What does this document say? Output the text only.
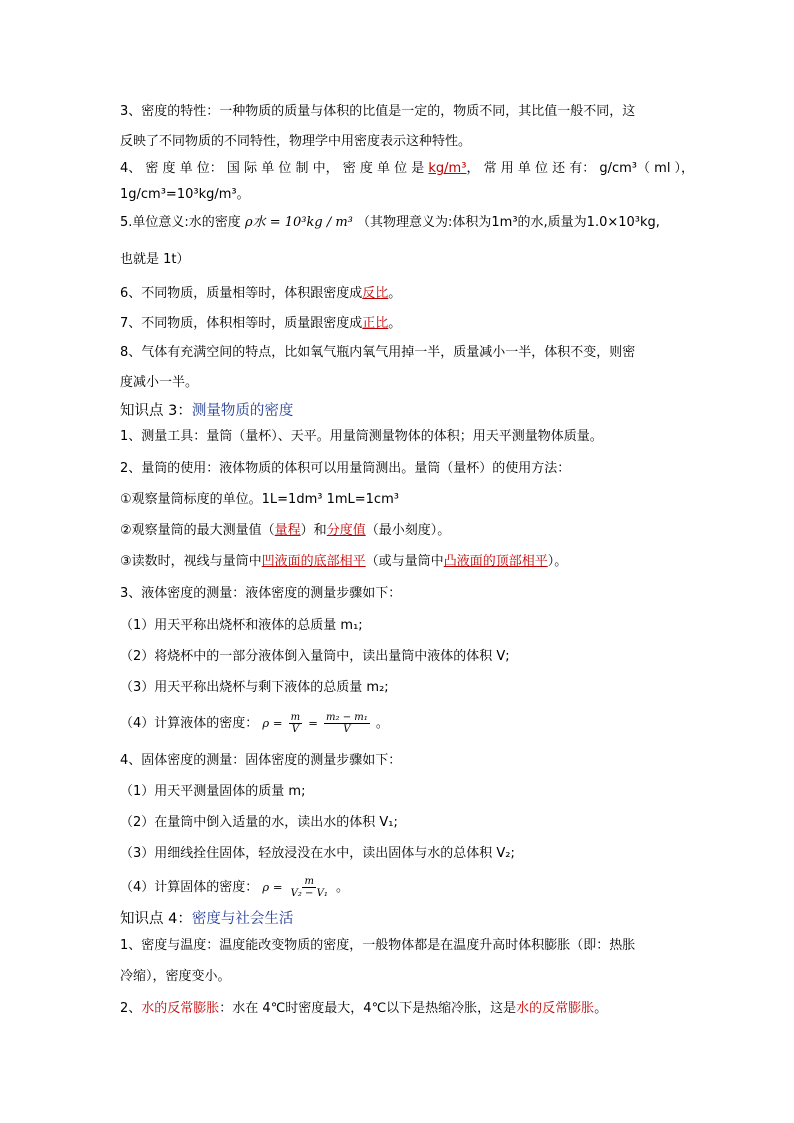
3、密度的特性：一种物质的质量与体积的比值是一定的，物质不同，其比值一般不同，这
反映了不同物质的不同特性，物理学中用密度表示这种特性。
4、 密 度 单 位： 国 际 单 位 制 中， 密 度 单 位 是 kg/m³， 常 用 单 位 还 有： g/cm³（ ml ），
1g/cm³=10³kg/m³。
5.单位意义:水的密度 ρ水 = 10³kg / m³ （其物理意义为:体积为1m³的水,质量为1.0×10³kg,
也就是 1t）
6、不同物质，质量相等时，体积跟密度成反比。
7、不同物质，体积相等时，质量跟密度成正比。
8、气体有充满空间的特点，比如氧气瓶内氧气用掉一半，质量减小一半，体积不变，则密
度减小一半。
知识点 3：测量物质的密度
1、测量工具：量筒（量杯）、天平。用量筒测量物体的体积；用天平测量物体质量。
2、量筒的使用：液体物质的体积可以用量筒测出。量筒（量杯）的使用方法：
①观察量筒标度的单位。1L=1dm³ 1mL=1cm³
②观察量筒的最大测量值（量程）和分度值（最小刻度）。
③读数时，视线与量筒中凹液面的底部相平（或与量筒中凸液面的顶部相平）。
3、液体密度的测量：液体密度的测量步骤如下：
（1）用天平称出烧杯和液体的总质量 m₁;
（2）将烧杯中的一部分液体倒入量筒中，读出量筒中液体的体积 V;
（3）用天平称出烧杯与剩下液体的总质量 m₂;
（4）计算液体的密度： $\rho = \frac{m}{V} = \frac{\text{m₂ − m₁}}{V}$ 。
4、固体密度的测量：固体密度的测量步骤如下：
（1）用天平测量固体的质量 m;
（2）在量筒中倒入适量的水，读出水的体积 V₁;
（3）用细线拴住固体，轻放浸没在水中，读出固体与水的总体积 V₂;
（4）计算固体的密度： $\rho = \frac{m}{\text{V₂ − V₁}}$ 。
知识点 4：密度与社会生活
1、密度与温度：温度能改变物质的密度，一般物体都是在温度升高时体积膨胀（即：热胀
冷缩），密度变小。
2、水的反常膨胀：水在 4℃时密度最大，4℃以下是热缩冷胀，这是水的反常膨胀。
